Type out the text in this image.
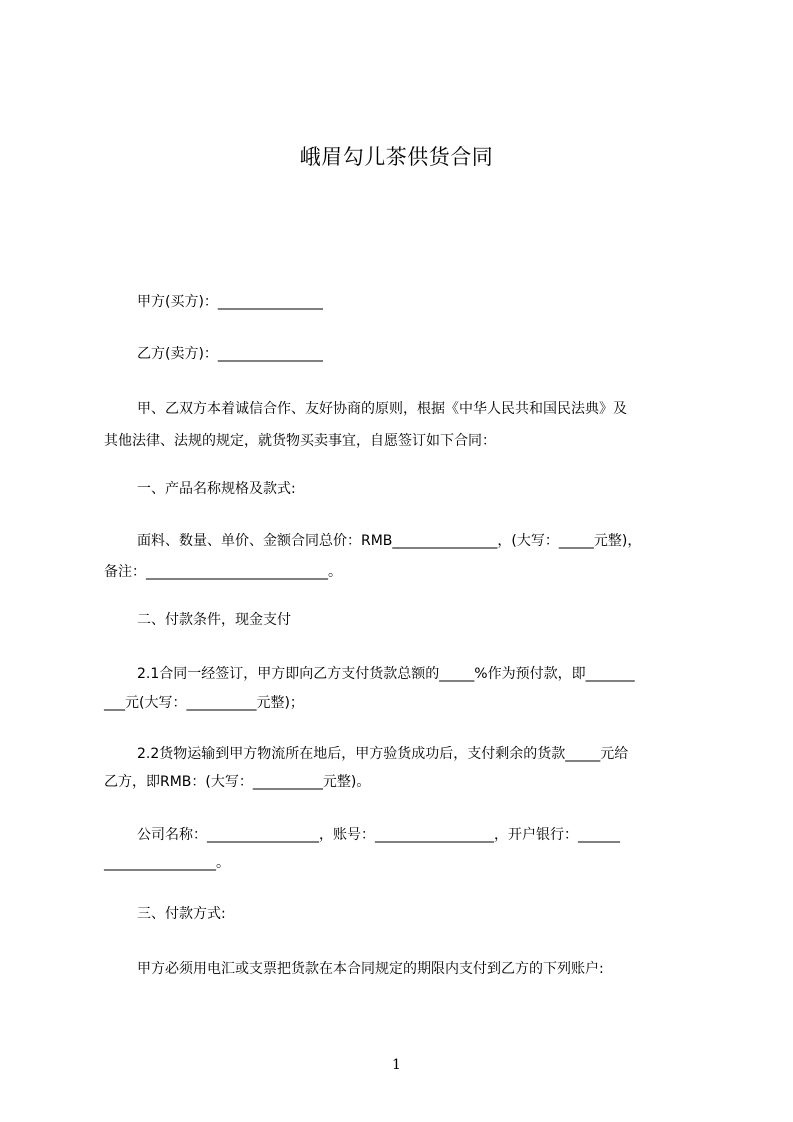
峨眉勾儿茶供货合同
甲方(买方)：_______________
乙方(卖方)：_______________
甲、乙双方本着诚信合作、友好协商的原则，根据《中华人民共和国民法典》及
其他法律、法规的规定，就货物买卖事宜，自愿签订如下合同：
一、产品名称规格及款式:
面料、数量、单价、金额合同总价：RMB_______________，(大写：_____元整)，
备注：__________________________。
二、付款条件，现金支付
2.1合同一经签订，甲方即向乙方支付货款总额的_____%作为预付款，即_______
___元(大写：__________元整)；
2.2货物运输到甲方物流所在地后，甲方验货成功后，支付剩余的货款_____元给
乙方，即RMB：(大写：__________元整)。
公司名称：________________，账号：_________________，开户银行：______
________________。
三、付款方式:
甲方必须用电汇或支票把货款在本合同规定的期限内支付到乙方的下列账户:
1
